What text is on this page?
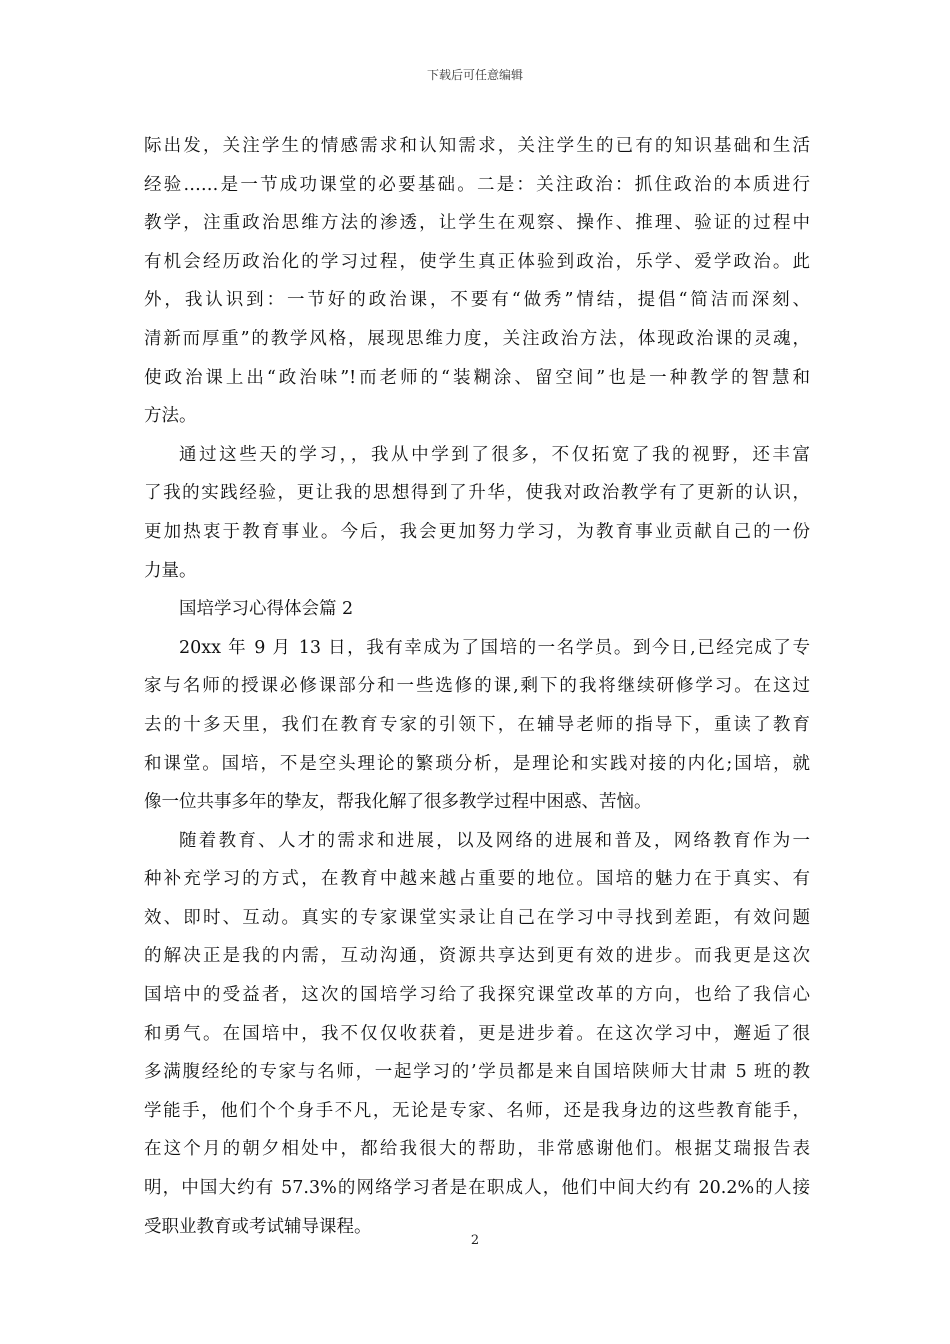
下载后可任意编辑
际出发，关注学生的情感需求和认知需求，关注学生的已有的知识基础和生活
经验……是一节成功课堂的必要基础。二是：关注政治：抓住政治的本质进行
教学，注重政治思维方法的渗透，让学生在观察、操作、推理、验证的过程中
有机会经历政治化的学习过程，使学生真正体验到政治，乐学、爱学政治。此
外，我认识到：一节好的政治课，不要有“做秀”情结，提倡“简洁而深刻、
清新而厚重”的教学风格，展现思维力度，关注政治方法，体现政治课的灵魂，
使政治课上出“政治味”!而老师的“装糊涂、留空间”也是一种教学的智慧和
方法。
通过这些天的学习，，我从中学到了很多，不仅拓宽了我的视野，还丰富
了我的实践经验，更让我的思想得到了升华，使我对政治教学有了更新的认识，
更加热衷于教育事业。今后，我会更加努力学习，为教育事业贡献自己的一份
力量。
国培学习心得体会篇 2
20xx 年 9 月 13 日，我有幸成为了国培的一名学员。到今日,已经完成了专
家与名师的授课必修课部分和一些选修的课,剩下的我将继续研修学习。在这过
去的十多天里，我们在教育专家的引领下，在辅导老师的指导下，重读了教育
和课堂。国培，不是空头理论的繁琐分析，是理论和实践对接的内化;国培，就
像一位共事多年的挚友，帮我化解了很多教学过程中困惑、苦恼。
随着教育、人才的需求和进展，以及网络的进展和普及，网络教育作为一
种补充学习的方式，在教育中越来越占重要的地位。国培的魅力在于真实、有
效、即时、互动。真实的专家课堂实录让自己在学习中寻找到差距，有效问题
的解决正是我的内需，互动沟通，资源共享达到更有效的进步。而我更是这次
国培中的受益者，这次的国培学习给了我探究课堂改革的方向，也给了我信心
和勇气。在国培中，我不仅仅收获着，更是进步着。在这次学习中，邂逅了很
多满腹经纶的专家与名师，一起学习的’学员都是来自国培陕师大甘肃 5 班的教
学能手，他们个个身手不凡，无论是专家、名师，还是我身边的这些教育能手，
在这个月的朝夕相处中，都给我很大的帮助，非常感谢他们。根据艾瑞报告表
明，中国大约有 57.3%的网络学习者是在职成人，他们中间大约有 20.2%的人接
受职业教育或考试辅导课程。
2
